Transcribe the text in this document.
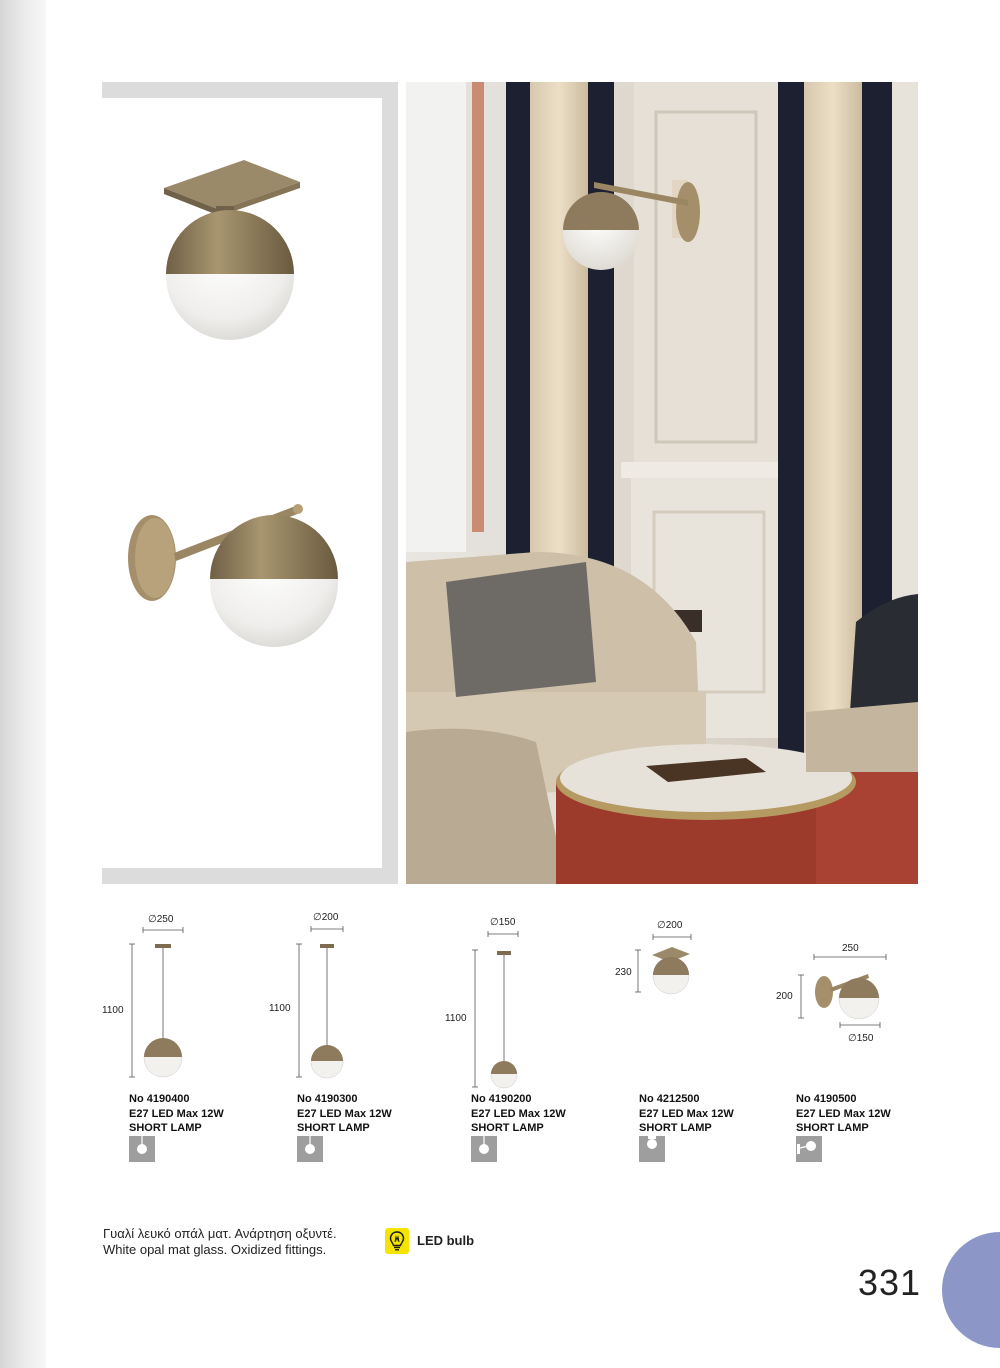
∅250
1100
∅200
1100
∅150
1100
∅200
230
250
200
∅150
No 4190400
E27 LED Max 12W
SHORT LAMP
No 4190300
E27 LED Max 12W
SHORT LAMP
No 4190200
E27 LED Max 12W
SHORT LAMP
No 4212500
E27 LED Max 12W
SHORT LAMP
No 4190500
E27 LED Max 12W
SHORT LAMP
Γυαλί λευκό οπάλ ματ. Ανάρτηση οξυντέ.
White opal mat glass. Oxidized fittings.
LED bulb
331
